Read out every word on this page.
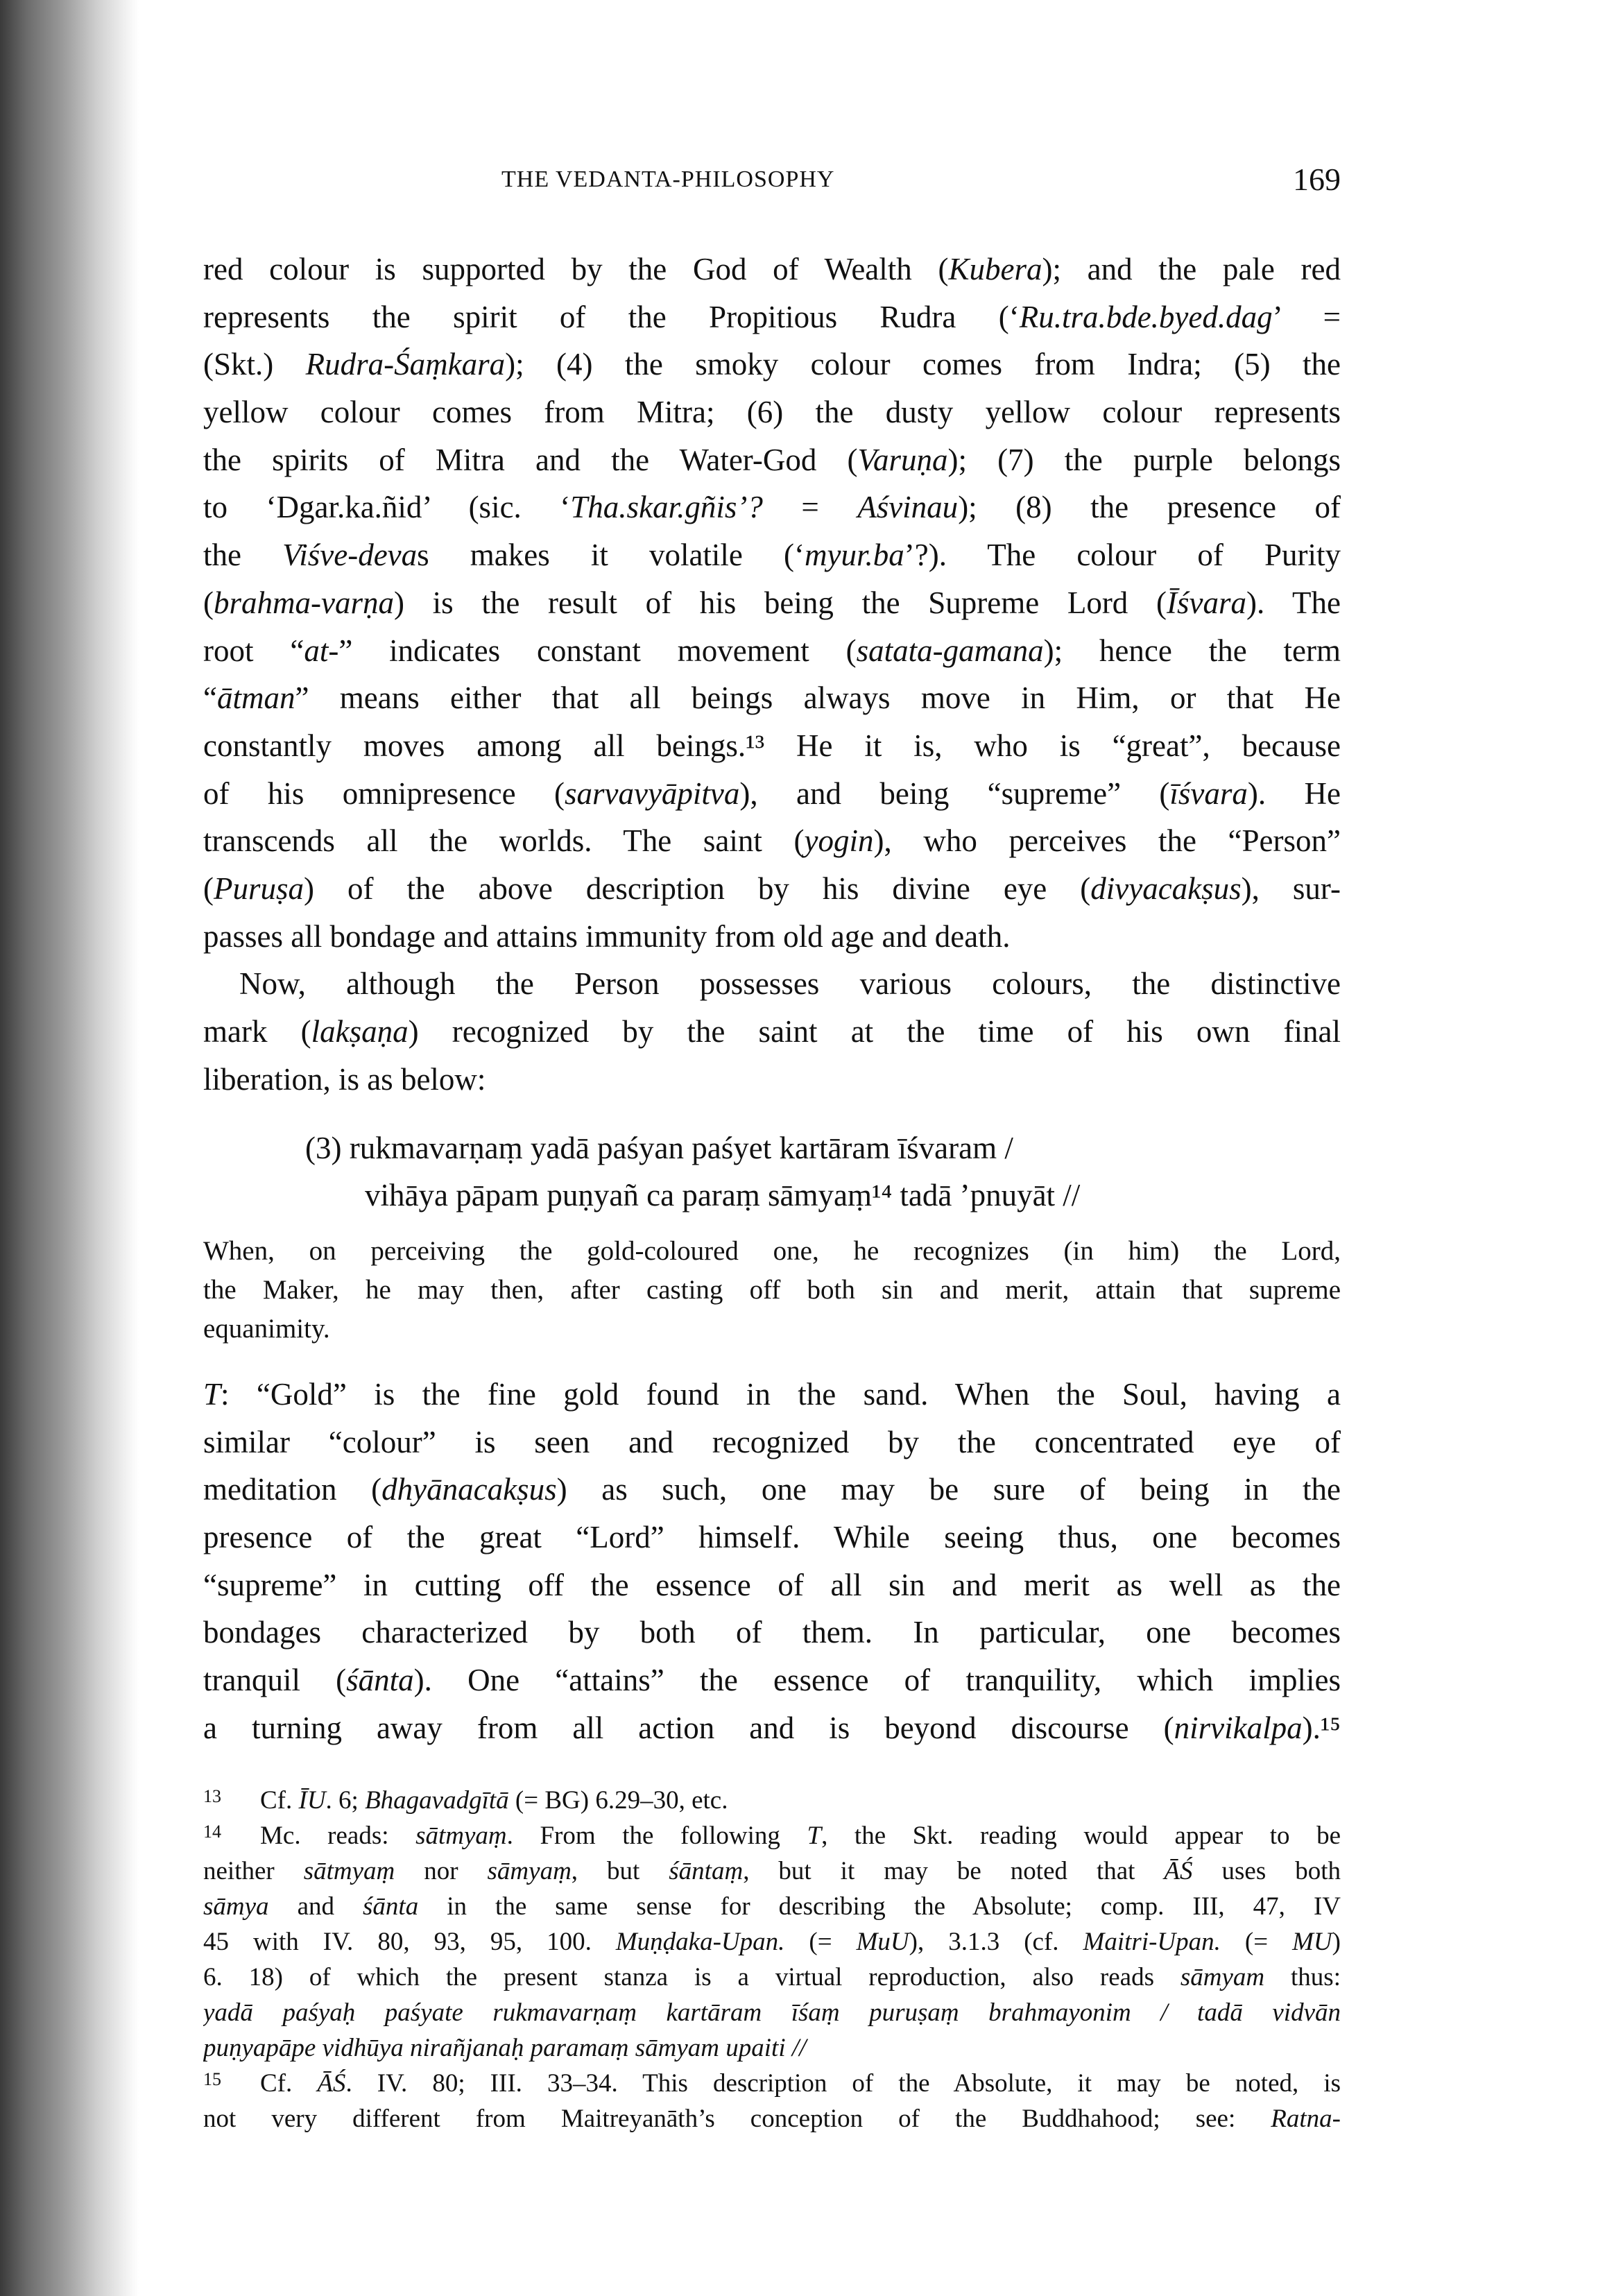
THE VEDANTA-PHILOSOPHY	169
red colour is supported by the God of Wealth (Kubera); and the pale red
represents the spirit of the Propitious Rudra (‘Ru.tra.bde.byed.dag’ =
(Skt.) Rudra-Śaṃkara); (4) the smoky colour comes from Indra; (5) the
yellow colour comes from Mitra; (6) the dusty yellow colour represents
the spirits of Mitra and the Water-God (Varuṇa); (7) the purple belongs
to ‘Dgar.ka.ñid’ (sic. ‘Tha.skar.gñis’? = Aśvinau); (8) the presence of
the Viśve-devas makes it volatile (‘myur.ba’?). The colour of Purity
(brahma-varṇa) is the result of his being the Supreme Lord (Īśvara). The
root “at-” indicates constant movement (satata-gamana); hence the term
“ātman” means either that all beings always move in Him, or that He
constantly moves among all beings.¹³ He it is, who is “great”, because
of his omnipresence (sarvavyāpitva), and being “supreme” (īśvara). He
transcends all the worlds. The saint (yogin), who perceives the “Person”
(Puruṣa) of the above description by his divine eye (divyacakṣus), sur-
passes all bondage and attains immunity from old age and death.
Now, although the Person possesses various colours, the distinctive
mark (lakṣaṇa) recognized by the saint at the time of his own final
liberation, is as below:
(3) rukmavarṇaṃ yadā paśyan paśyet kartāram īśvaram /
vihāya pāpam puṇyañ ca paraṃ sāmyaṃ¹⁴ tadā ’pnuyāt //
When, on perceiving the gold-coloured one, he recognizes (in him) the Lord,
the Maker, he may then, after casting off both sin and merit, attain that supreme
equanimity.
T: “Gold” is the fine gold found in the sand. When the Soul, having a
similar “colour” is seen and recognized by the concentrated eye of
meditation (dhyānacakṣus) as such, one may be sure of being in the
presence of the great “Lord” himself. While seeing thus, one becomes
“supreme” in cutting off the essence of all sin and merit as well as the
bondages characterized by both of them. In particular, one becomes
tranquil (śānta). One “attains” the essence of tranquility, which implies
a turning away from all action and is beyond discourse (nirvikalpa).¹⁵
13 Cf. ĪU. 6; Bhagavadgītā (= BG) 6.29–30, etc.
14 Mc. reads: sātmyaṃ. From the following T, the Skt. reading would appear to be
neither sātmyaṃ nor sāmyaṃ, but śāntaṃ, but it may be noted that ĀŚ uses both
sāmya and śānta in the same sense for describing the Absolute; comp. III, 47, IV
45 with IV. 80, 93, 95, 100. Muṇḍaka-Upan. (= MuU), 3.1.3 (cf. Maitri-Upan. (= MU)
6. 18) of which the present stanza is a virtual reproduction, also reads sāmyam thus:
yadā paśyaḥ paśyate rukmavarṇaṃ kartāram īśaṃ puruṣaṃ brahmayonim / tadā vidvān
puṇyapāpe vidhūya nirañjanaḥ paramaṃ sāmyam upaiti //
15 Cf. ĀŚ. IV. 80; III. 33–34. This description of the Absolute, it may be noted, is
not very different from Maitreyanāth’s conception of the Buddhahood; see: Ratna-
